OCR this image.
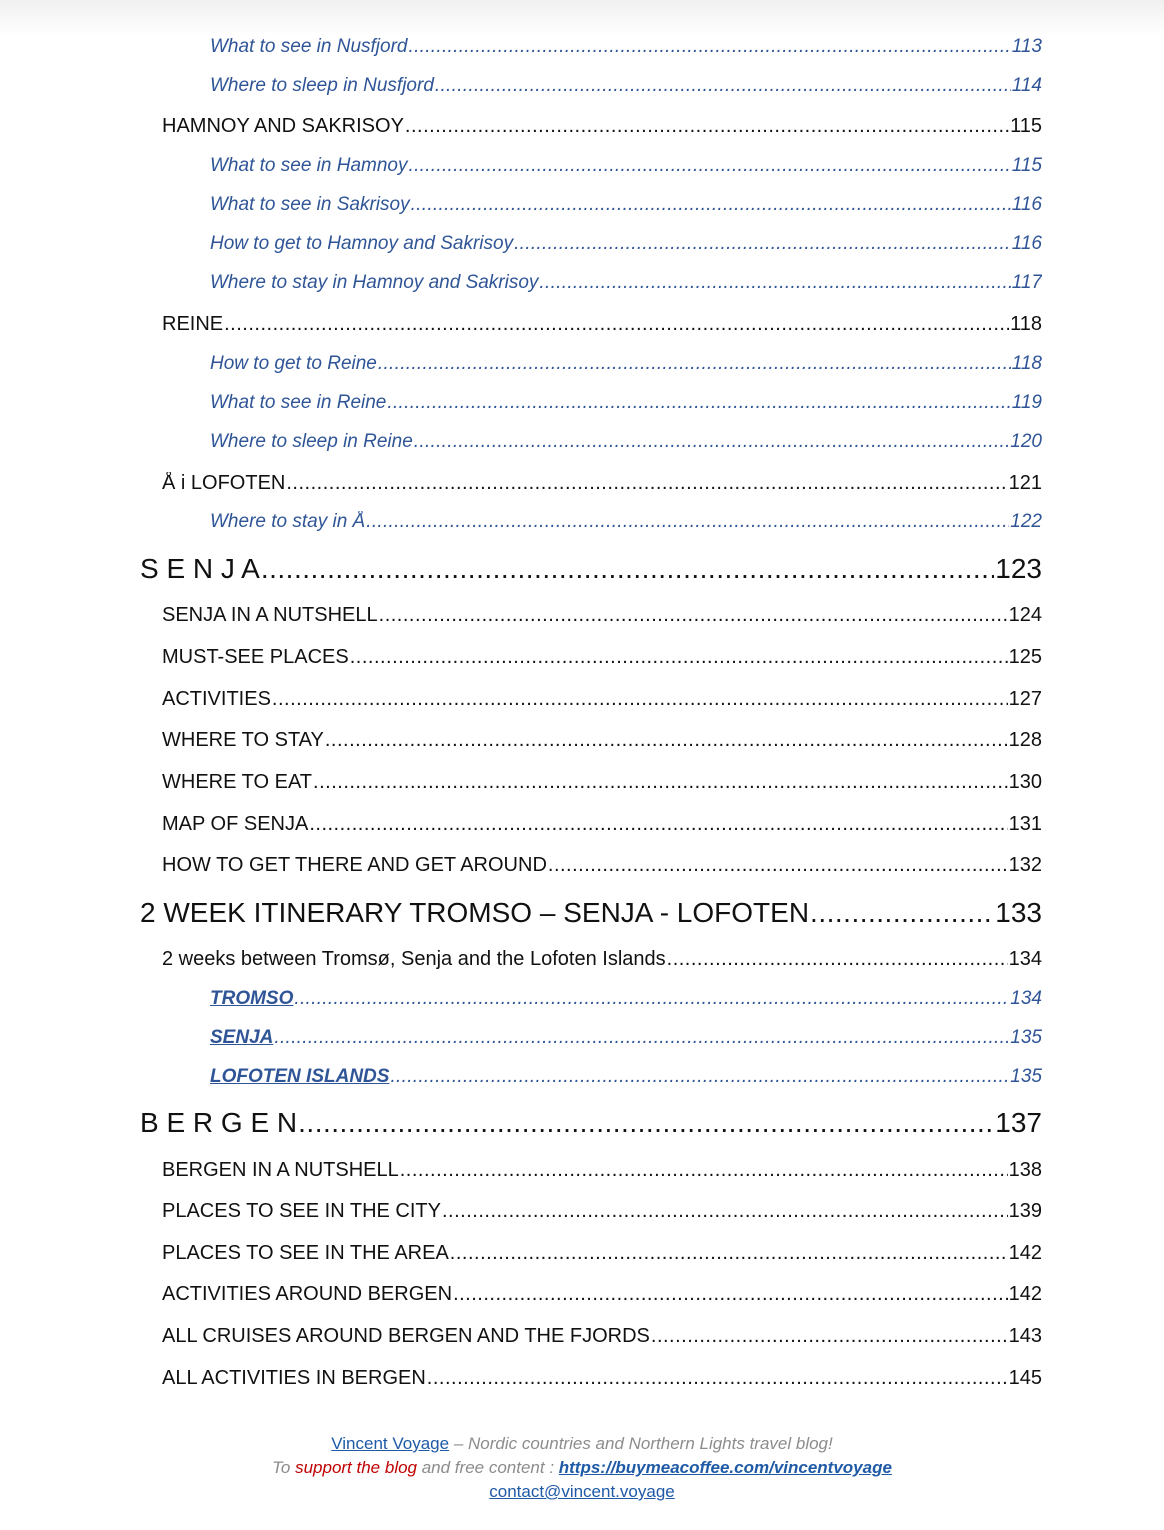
What to see in Nusfjord .....	113
Where to sleep in Nusfjord .....	114
HAMNOY AND SAKRISOY .....	115
What to see in Hamnoy .....	115
What to see in Sakrisoy .....	116
How to get to Hamnoy and Sakrisoy .....	116
Where to stay in Hamnoy and Sakrisoy .....	117
REINE .....	118
How to get to Reine .....	118
What to see in Reine .....	119
Where to sleep in Reine .....	120
Å i LOFOTEN .....	121
Where to stay in Å .....	122
S E N J A .....	123
SENJA IN A NUTSHELL .....	124
MUST-SEE PLACES .....	125
ACTIVITIES .....	127
WHERE TO STAY .....	128
WHERE TO EAT .....	130
MAP OF SENJA .....	131
HOW TO GET THERE AND GET AROUND .....	132
2 WEEK ITINERARY TROMSO – SENJA - LOFOTEN .....	133
2 weeks between Tromsø, Senja and the Lofoten Islands .....	134
TROMSO .....	134
SENJA .....	135
LOFOTEN ISLANDS .....	135
B E R G E N .....	137
BERGEN IN A NUTSHELL .....	138
PLACES TO SEE IN THE CITY .....	139
PLACES TO SEE IN THE AREA .....	142
ACTIVITIES AROUND BERGEN .....	142
ALL CRUISES AROUND BERGEN AND THE FJORDS .....	143
ALL ACTIVITIES IN BERGEN .....	145
Vincent Voyage – Nordic countries and Northern Lights travel blog!
To support the blog and free content : https://buymeacoffee.com/vincentvoyage
contact@vincent.voyage
